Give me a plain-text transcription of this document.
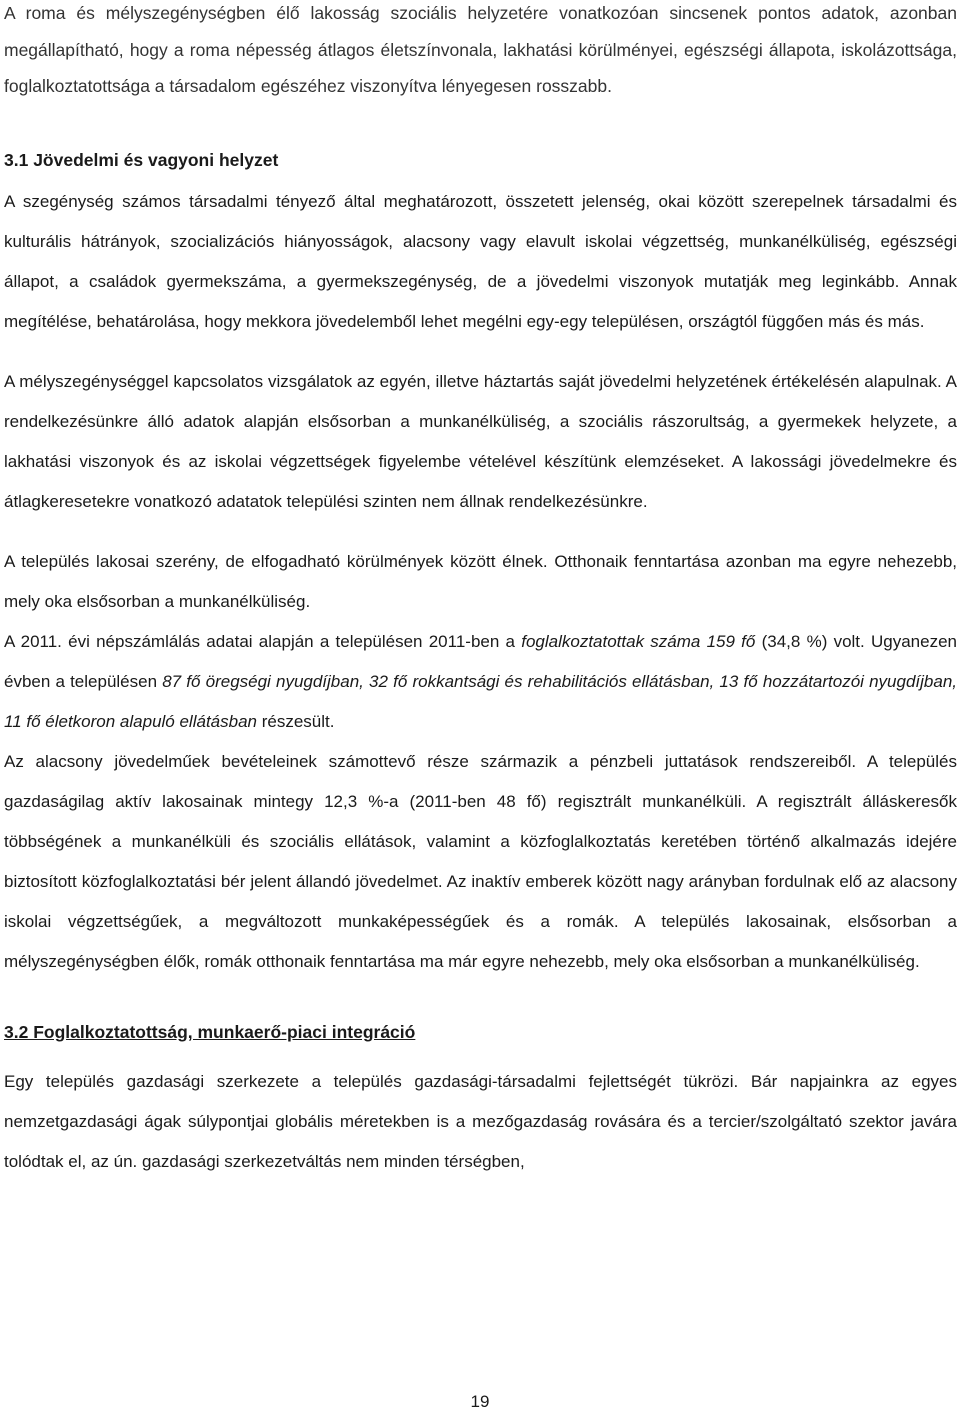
A roma és mélyszegénységben élő lakosság szociális helyzetére vonatkozóan sincsenek pontos adatok, azonban megállapítható, hogy a roma népesség átlagos életszínvonala, lakhatási körülményei, egészségi állapota, iskolázottsága, foglalkoztatottsága a társadalom egészéhez viszonyítva lényegesen rosszabb.

3.1 Jövedelmi és vagyoni helyzet

A szegénység számos társadalmi tényező által meghatározott, összetett jelenség, okai között szerepelnek társadalmi és kulturális hátrányok, szocializációs hiányosságok, alacsony vagy elavult iskolai végzettség, munkanélküliség, egészségi állapot, a családok gyermekszáma, a gyermekszegénység, de a jövedelmi viszonyok mutatják meg leginkább. Annak megítélése, behatárolása, hogy mekkora jövedelemből lehet megélni egy-egy településen, országtól függően más és más.

A mélyszegénységgel kapcsolatos vizsgálatok az egyén, illetve háztartás saját jövedelmi helyzetének értékelésén alapulnak. A rendelkezésünkre álló adatok alapján elsősorban a munkanélküliség, a szociális rászorultság, a gyermekek helyzete, a lakhatási viszonyok és az iskolai végzettségek figyelembe vételével készítünk elemzéseket. A lakossági jövedelmekre és átlagkeresetekre vonatkozó adatatok települési szinten nem állnak rendelkezésünkre.

A település lakosai szerény, de elfogadható körülmények között élnek. Otthonaik fenntartása azonban ma egyre nehezebb, mely oka elsősorban a munkanélküliség.

A 2011. évi népszámlálás adatai alapján a településen 2011-ben a foglalkoztatottak száma 159 fő (34,8 %) volt. Ugyanezen évben a településen 87 fő öregségi nyugdíjban, 32 fő rokkantsági és rehabilitációs ellátásban, 13 fő hozzátartozói nyugdíjban, 11 fő életkoron alapuló ellátásban részesült.

Az alacsony jövedelműek bevételeinek számottevő része származik a pénzbeli juttatások rendszereiből. A település gazdaságilag aktív lakosainak mintegy 12,3 %-a (2011-ben 48 fő) regisztrált munkanélküli. A regisztrált álláskeresők többségének a munkanélküli és szociális ellátások, valamint a közfoglalkoztatás keretében történő alkalmazás idejére biztosított közfoglalkoztatási bér jelent állandó jövedelmet. Az inaktív emberek között nagy arányban fordulnak elő az alacsony iskolai végzettségűek, a megváltozott munkaképességűek és a romák. A település lakosainak, elsősorban a mélyszegénységben élők, romák otthonaik fenntartása ma már egyre nehezebb, mely oka elsősorban a munkanélküliség.

3.2 Foglalkoztatottság, munkaerő-piaci integráció

Egy település gazdasági szerkezete a település gazdasági-társadalmi fejlettségét tükrözi. Bár napjainkra az egyes nemzetgazdasági ágak súlypontjai globális méretekben is a mezőgazdaság rovására és a tercier/szolgáltató szektor javára tolódtak el, az ún. gazdasági szerkezetváltás nem minden térségben,

19
